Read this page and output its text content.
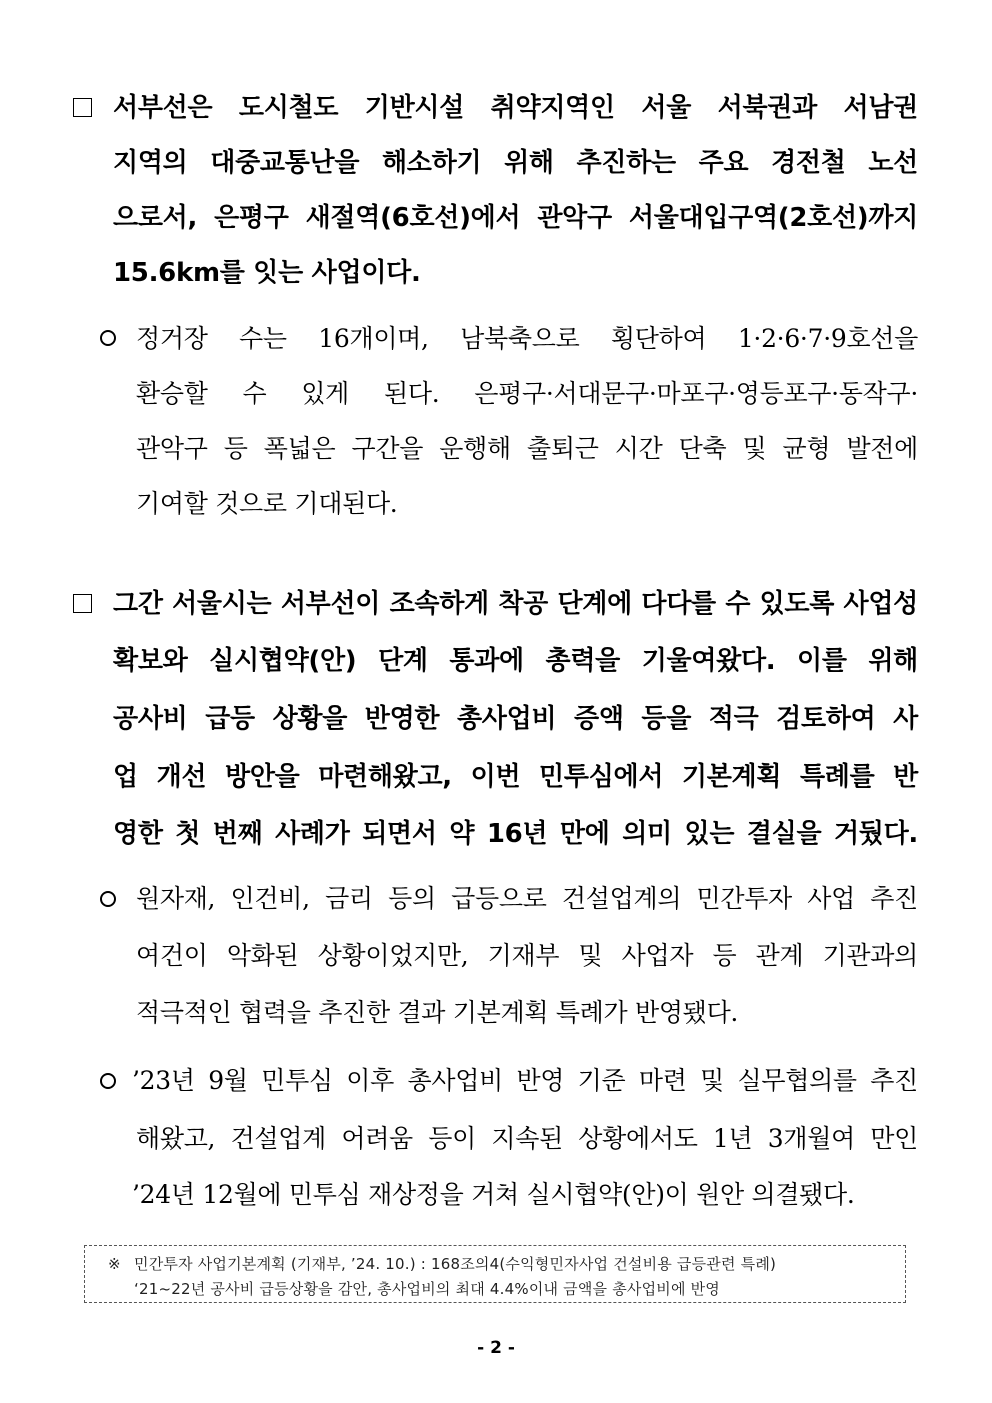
서부선은 도시철도 기반시설 취약지역인 서울 서북권과 서남권
지역의 대중교통난을 해소하기 위해 추진하는 주요 경전철 노선
으로서, 은평구 새절역(6호선)에서 관악구 서울대입구역(2호선)까지
15.6km를 잇는 사업이다.
정거장 수는 16개이며, 남북축으로 횡단하여 1·2·6·7·9호선을
환승할 수 있게 된다. 은평구·서대문구·마포구·영등포구·동작구·
관악구 등 폭넓은 구간을 운행해 출퇴근 시간 단축 및 균형 발전에
기여할 것으로 기대된다.
그간 서울시는 서부선이 조속하게 착공 단계에 다다를 수 있도록 사업성
확보와 실시협약(안) 단계 통과에 총력을 기울여왔다. 이를 위해
공사비 급등 상황을 반영한 총사업비 증액 등을 적극 검토하여 사
업 개선 방안을 마련해왔고, 이번 민투심에서 기본계획 특례를 반
영한 첫 번째 사례가 되면서 약 16년 만에 의미 있는 결실을 거뒀다.
원자재, 인건비, 금리 등의 급등으로 건설업계의 민간투자 사업 추진
여건이 악화된 상황이었지만, 기재부 및 사업자 등 관계 기관과의
적극적인 협력을 추진한 결과 기본계획 특례가 반영됐다.
’23년 9월 민투심 이후 총사업비 반영 기준 마련 및 실무협의를 추진
해왔고, 건설업계 어려움 등이 지속된 상황에서도 1년 3개월여 만인
’24년 12월에 민투심 재상정을 거쳐 실시협약(안)이 원안 의결됐다.
※ 민간투자 사업기본계획 (기재부, ’24. 10.) : 168조의4(수익형민자사업 건설비용 급등관련 특례)
‘21~22년 공사비 급등상황을 감안, 총사업비의 최대 4.4%이내 금액을 총사업비에 반영
- 2 -
